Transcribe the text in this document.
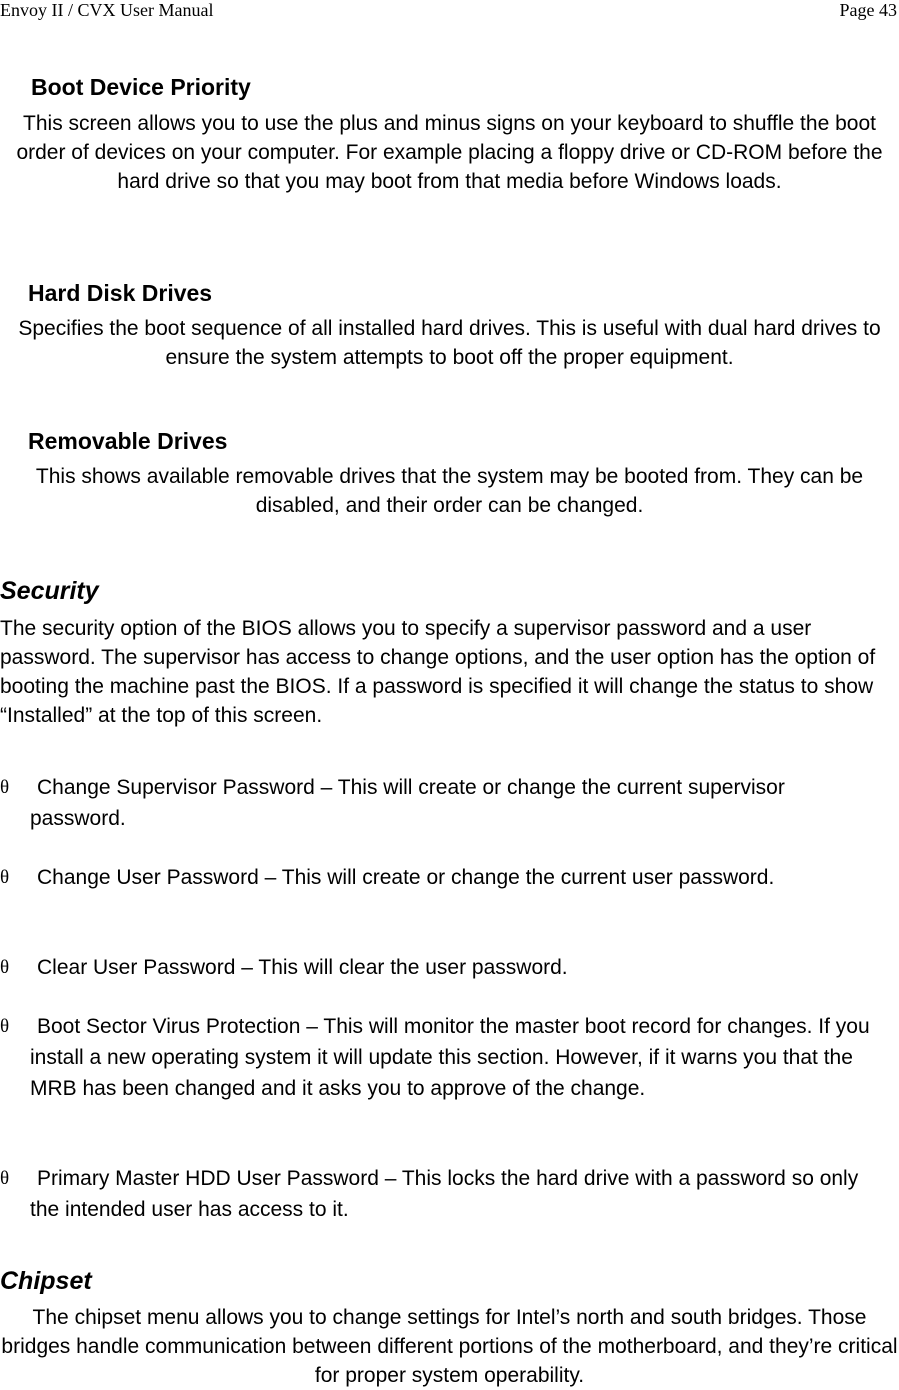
Envoy II / CVX User Manual	Page 43
Boot Device Priority
This screen allows you to use the plus and minus signs on your keyboard to shuffle the boot order of devices on your computer. For example placing a floppy drive or CD-ROM before the hard drive so that you may boot from that media before Windows loads.
Hard Disk Drives
Specifies the boot sequence of all installed hard drives. This is useful with dual hard drives to ensure the system attempts to boot off the proper equipment.
Removable Drives
This shows available removable drives that the system may be booted from. They can be disabled, and their order can be changed.
Security
The security option of the BIOS allows you to specify a supervisor password and a user password. The supervisor has access to change options, and the user option has the option of booting the machine past the BIOS. If a password is specified it will change the status to show “Installed” at the top of this screen.
θ	Change Supervisor Password – This will create or change the current supervisor password.
θ	Change User Password – This will create or change the current user password.
θ	Clear User Password – This will clear the user password.
θ	Boot Sector Virus Protection – This will monitor the master boot record for changes. If you install a new operating system it will update this section. However, if it warns you that the MRB has been changed and it asks you to approve of the change.
θ	Primary Master HDD User Password – This locks the hard drive with a password so only the intended user has access to it.
Chipset
The chipset menu allows you to change settings for Intel’s north and south bridges. Those bridges handle communication between different portions of the motherboard, and they’re critical for proper system operability.
